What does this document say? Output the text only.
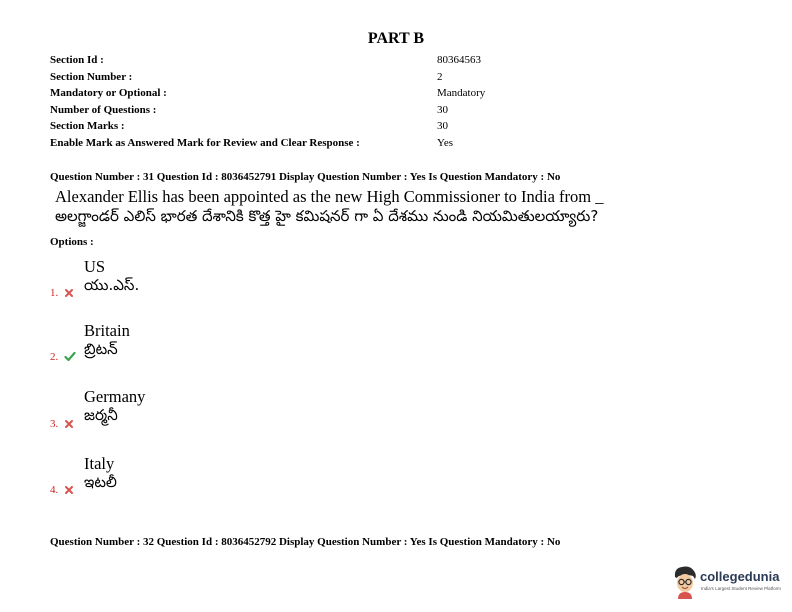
PART B
Section Id :	80364563
Section Number :	2
Mandatory or Optional :	Mandatory
Number of Questions :	30
Section Marks :	30
Enable Mark as Answered Mark for Review and Clear Response :	Yes
Question Number : 31 Question Id : 8036452791 Display Question Number : Yes Is Question Mandatory : No
Alexander Ellis has been appointed as the new High Commissioner to India from _
అలగ్జాండర్ ఎలిస్ భారత దేశానికి కొత్త హై కమిషనర్ గా ఏ దేశము నుండి నియమితులయ్యారు?
Options :
US
యు.ఎస్.
1.
Britain
బ్రిటన్
2.
Germany
జర్మనీ
3.
Italy
ఇటలీ
4.
Question Number : 32 Question Id : 8036452792 Display Question Number : Yes Is Question Mandatory : No
collegedunia
India's Largest Student Review Platform
